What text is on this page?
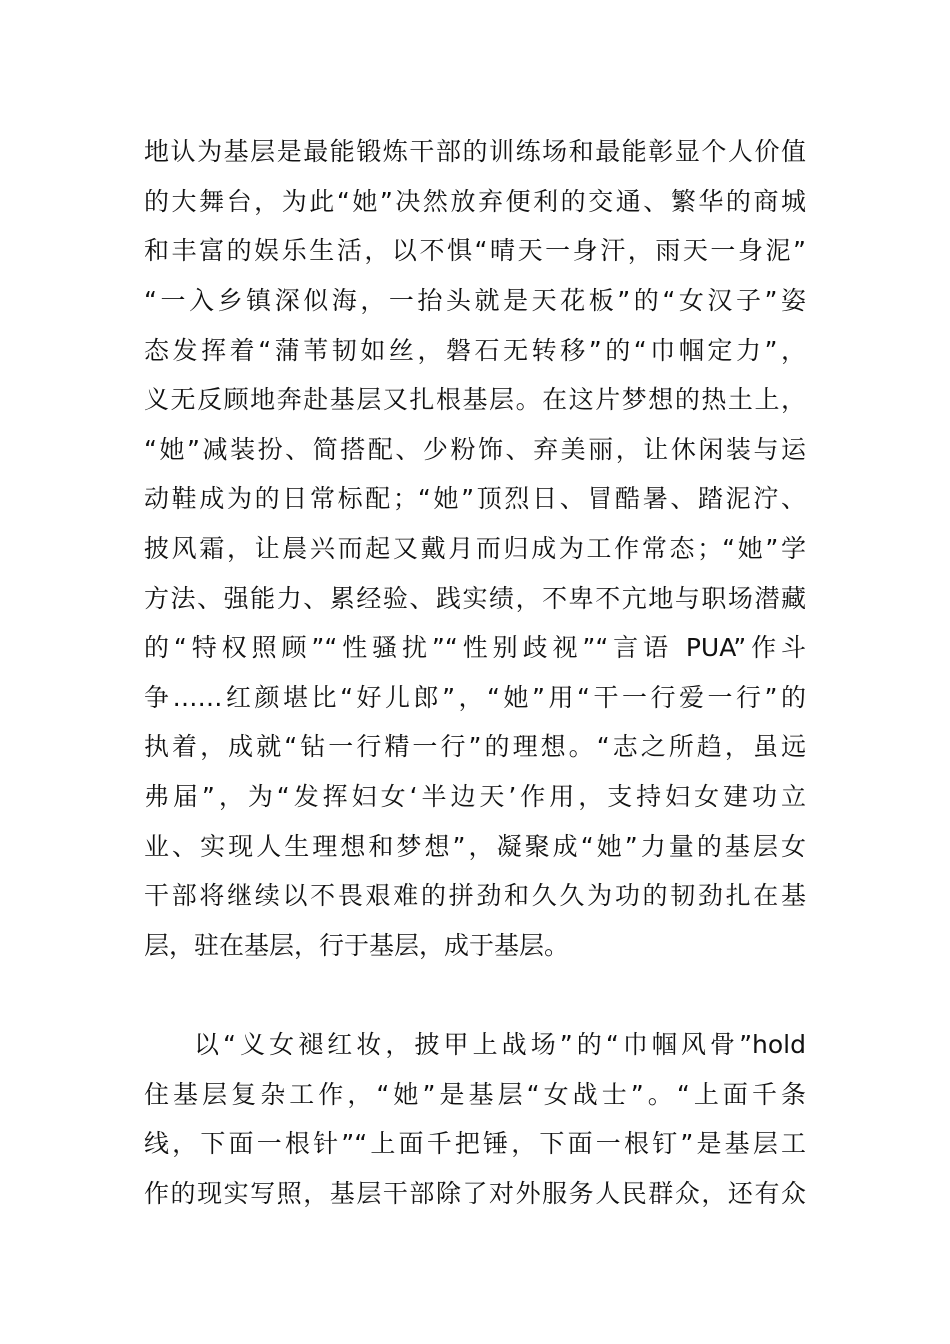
地认为基层是最能锻炼干部的训练场和最能彰显个人价值
的大舞台，为此“她”决然放弃便利的交通、繁华的商城
和丰富的娱乐生活，以不惧“晴天一身汗，雨天一身泥”
“一入乡镇深似海，一抬头就是天花板”的“女汉子”姿
态发挥着“蒲苇韧如丝，磐石无转移”的“巾帼定力”，
义无反顾地奔赴基层又扎根基层。在这片梦想的热土上，
“她”减装扮、简搭配、少粉饰、弃美丽，让休闲装与运
动鞋成为的日常标配；“她”顶烈日、冒酷暑、踏泥泞、
披风霜，让晨兴而起又戴月而归成为工作常态；“她”学
方法、强能力、累经验、践实绩，不卑不亢地与职场潜藏
的“特权照顾”“性骚扰”“性别歧视”“言语 PUA”作斗
争……红颜堪比“好儿郎”，“她”用“干一行爱一行”的
执着，成就“钻一行精一行”的理想。“志之所趋，虽远
弗届”，为“发挥妇女‘半边天’作用，支持妇女建功立
业、实现人生理想和梦想”，凝聚成“她”力量的基层女
干部将继续以不畏艰难的拼劲和久久为功的韧劲扎在基
层，驻在基层，行于基层，成于基层。
以“义女褪红妆，披甲上战场”的“巾帼风骨”hold
住基层复杂工作，“她”是基层“女战士”。“上面千条
线，下面一根针”“上面千把锤，下面一根钉”是基层工
作的现实写照，基层干部除了对外服务人民群众，还有众
